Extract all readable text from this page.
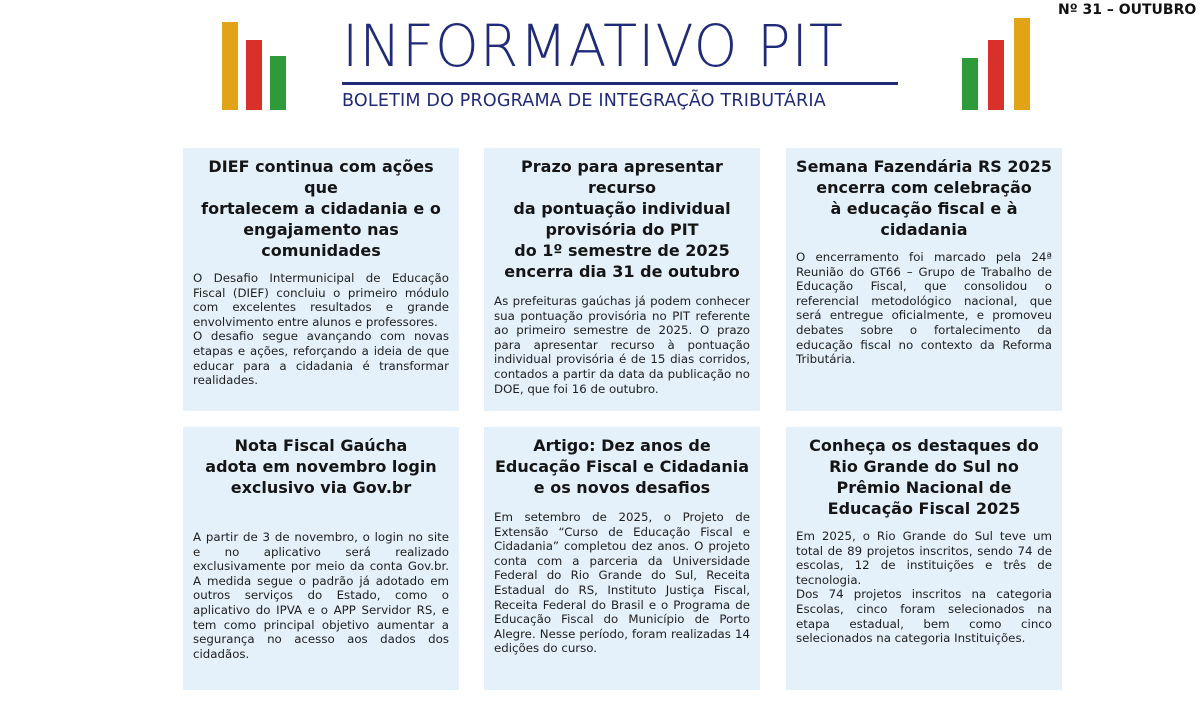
Nº 31 – OUTUBRO
INFORMATIVO PIT
BOLETIM DO PROGRAMA DE INTEGRAÇÃO TRIBUTÁRIA
DIEF continua com ações que
fortalecem a cidadania e o
engajamento nas
comunidades

O Desafio Intermunicipal de Educação Fiscal (DIEF) concluiu o primeiro módulo com excelentes resultados e grande envolvimento entre alunos e professores.

O desafio segue avançando com novas etapas e ações, reforçando a ideia de que educar para a cidadania é transformar realidades.

Prazo para apresentar recurso
da pontuação individual
provisória do PIT
do 1º semestre de 2025
encerra dia 31 de outubro

As prefeituras gaúchas já podem conhecer sua pontuação provisória no PIT referente ao primeiro semestre de 2025. O prazo para apresentar recurso à pontuação individual provisória é de 15 dias corridos, contados a partir da data da publicação no DOE, que foi 16 de outubro.

Semana Fazendária RS 2025
encerra com celebração
à educação fiscal e à
cidadania

O encerramento foi marcado pela 24ª Reunião do GT66 – Grupo de Trabalho de Educação Fiscal, que consolidou o referencial metodológico nacional, que será entregue oficialmente, e promoveu debates sobre o fortalecimento da educação fiscal no contexto da Reforma Tributária.

Nota Fiscal Gaúcha
adota em novembro login
exclusivo via Gov.br

A partir de 3 de novembro, o login no site e no aplicativo será realizado exclusivamente por meio da conta Gov.br. A medida segue o padrão já adotado em outros serviços do Estado, como o aplicativo do IPVA e o APP Servidor RS, e tem como principal objetivo aumentar a segurança no acesso aos dados dos cidadãos.

Artigo: Dez anos de
Educação Fiscal e Cidadania
e os novos desafios

Em setembro de 2025, o Projeto de Extensão “Curso de Educação Fiscal e Cidadania” completou dez anos. O projeto conta com a parceria da Universidade Federal do Rio Grande do Sul, Receita Estadual do RS, Instituto Justiça Fiscal, Receita Federal do Brasil e o Programa de Educação Fiscal do Município de Porto Alegre. Nesse período, foram realizadas 14 edições do curso.

Conheça os destaques do
Rio Grande do Sul no
Prêmio Nacional de
Educação Fiscal 2025

Em 2025, o Rio Grande do Sul teve um total de 89 projetos inscritos, sendo 74 de escolas, 12 de instituições e três de tecnologia.

Dos 74 projetos inscritos na categoria Escolas, cinco foram selecionados na etapa estadual, bem como cinco selecionados na categoria Instituições.
